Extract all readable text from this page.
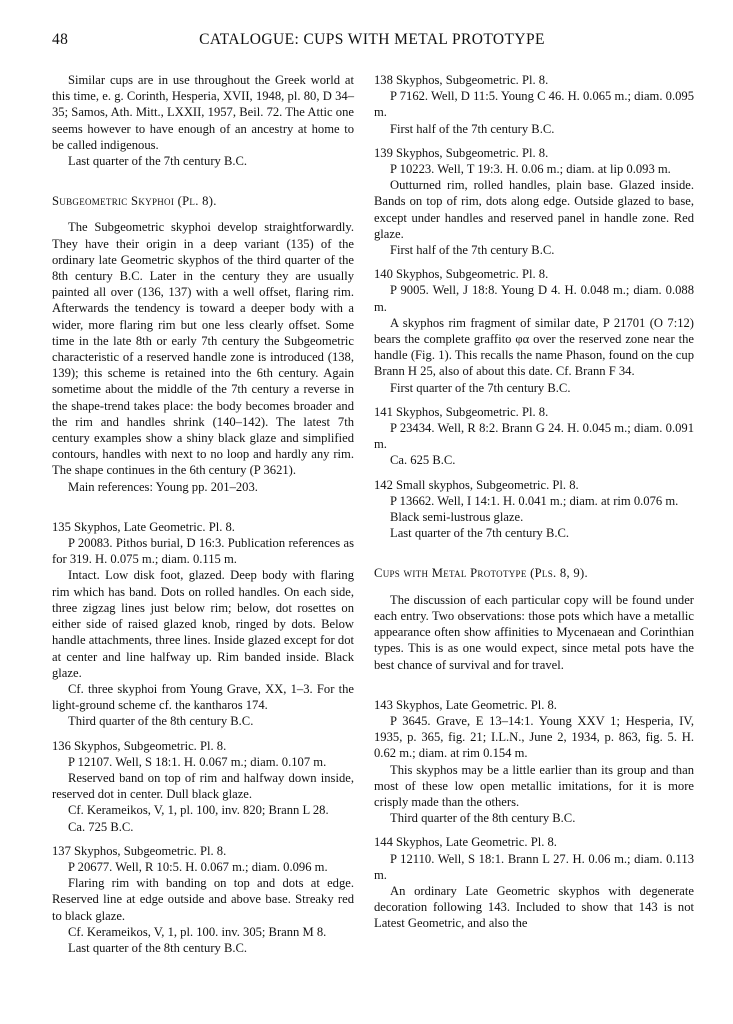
48	CATALOGUE: CUPS WITH METAL PROTOTYPE

Similar cups are in use throughout the Greek world at this time, e. g. Corinth, Hesperia, XVII, 1948, pl. 80, D 34–35; Samos, Ath. Mitt., LXXII, 1957, Beil. 72. The Attic one seems however to have enough of an ancestry at home to be called indigenous.

Last quarter of the 7th century B.C.

Subgeometric Skyphoi (Pl. 8).

The Subgeometric skyphoi develop straightforwardly. They have their origin in a deep variant (135) of the ordinary late Geometric skyphos of the third quarter of the 8th century B.C. Later in the century they are usually painted all over (136, 137) with a well offset, flaring rim. Afterwards the tendency is toward a deeper body with a wider, more flaring rim but one less clearly offset. Some time in the late 8th or early 7th century the Subgeometric characteristic of a reserved handle zone is introduced (138, 139); this scheme is retained into the 6th century. Again sometime about the middle of the 7th century a reverse in the shape-trend takes place: the body becomes broader and the rim and handles shrink (140–142). The latest 7th century examples show a shiny black glaze and simplified contours, handles with next to no loop and hardly any rim. The shape continues in the 6th century (P 3621).

Main references: Young pp. 201–203.

135 Skyphos, Late Geometric. Pl. 8.

P 20083. Pithos burial, D 16:3. Publication references as for 319. H. 0.075 m.; diam. 0.115 m.

Intact. Low disk foot, glazed. Deep body with flaring rim which has band. Dots on rolled handles. On each side, three zigzag lines just below rim; below, dot rosettes on either side of raised glazed knob, ringed by dots. Below handle attachments, three lines. Inside glazed except for dot at center and line halfway up. Rim banded inside. Black glaze.

Cf. three skyphoi from Young Grave, XX, 1–3. For the light-ground scheme cf. the kantharos 174.

Third quarter of the 8th century B.C.

136 Skyphos, Subgeometric. Pl. 8.

P 12107. Well, S 18:1. H. 0.067 m.; diam. 0.107 m.

Reserved band on top of rim and halfway down inside, reserved dot in center. Dull black glaze.

Cf. Kerameikos, V, 1, pl. 100, inv. 820; Brann L 28.

Ca. 725 B.C.

137 Skyphos, Subgeometric. Pl. 8.

P 20677. Well, R 10:5. H. 0.067 m.; diam. 0.096 m.

Flaring rim with banding on top and dots at edge. Reserved line at edge outside and above base. Streaky red to black glaze.

Cf. Kerameikos, V, 1, pl. 100. inv. 305; Brann M 8.

Last quarter of the 8th century B.C.

138 Skyphos, Subgeometric. Pl. 8.

P 7162. Well, D 11:5. Young C 46. H. 0.065 m.; diam. 0.095 m.

First half of the 7th century B.C.

139 Skyphos, Subgeometric. Pl. 8.

P 10223. Well, T 19:3. H. 0.06 m.; diam. at lip 0.093 m.

Outturned rim, rolled handles, plain base. Glazed inside. Bands on top of rim, dots along edge. Outside glazed to base, except under handles and reserved panel in handle zone. Red glaze.

First half of the 7th century B.C.

140 Skyphos, Subgeometric. Pl. 8.

P 9005. Well, J 18:8. Young D 4. H. 0.048 m.; diam. 0.088 m.

A skyphos rim fragment of similar date, P 21701 (O 7:12) bears the complete graffito φα over the reserved zone near the handle (Fig. 1). This recalls the name Phason, found on the cup Brann H 25, also of about this date. Cf. Brann F 34.

First quarter of the 7th century B.C.

141 Skyphos, Subgeometric. Pl. 8.

P 23434. Well, R 8:2. Brann G 24. H. 0.045 m.; diam. 0.091 m.

Ca. 625 B.C.

142 Small skyphos, Subgeometric. Pl. 8.

P 13662. Well, I 14:1. H. 0.041 m.; diam. at rim 0.076 m.

Black semi-lustrous glaze.

Last quarter of the 7th century B.C.

Cups with Metal Prototype (Pls. 8, 9).

The discussion of each particular copy will be found under each entry. Two observations: those pots which have a metallic appearance often show affinities to Mycenaean and Corinthian types. This is as one would expect, since metal pots have the best chance of survival and for travel.

143 Skyphos, Late Geometric. Pl. 8.

P 3645. Grave, E 13–14:1. Young XXV 1; Hesperia, IV, 1935, p. 365, fig. 21; I.L.N., June 2, 1934, p. 863, fig. 5. H. 0.62 m.; diam. at rim 0.154 m.

This skyphos may be a little earlier than its group and than most of these low open metallic imitations, for it is more crisply made than the others.

Third quarter of the 8th century B.C.

144 Skyphos, Late Geometric. Pl. 8.

P 12110. Well, S 18:1. Brann L 27. H. 0.06 m.; diam. 0.113 m.

An ordinary Late Geometric skyphos with degenerate decoration following 143. Included to show that 143 is not Latest Geometric, and also the
